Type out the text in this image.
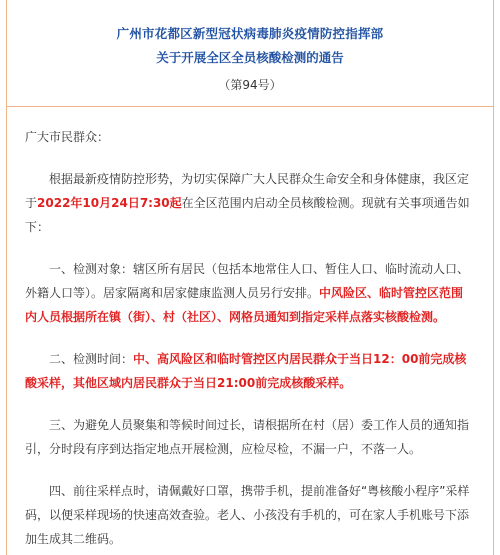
广州市花都区新型冠状病毒肺炎疫情防控指挥部
关于开展全区全员核酸检测的通告
（第94号）
广大市民群众：
根据最新疫情防控形势，为切实保障广大人民群众生命安全和身体健康，我区定于2022年10月24日7:30起在全区范围内启动全员核酸检测。现就有关事项通告如下：
一、检测对象：辖区所有居民（包括本地常住人口、暂住人口、临时流动人口、外籍人口等）。居家隔离和居家健康监测人员另行安排。中风险区、临时管控区范围内人员根据所在镇（街）、村（社区）、网格员通知到指定采样点落实核酸检测。
二、检测时间：中、高风险区和临时管控区内居民群众于当日12：00前完成核酸采样，其他区域内居民群众于当日21:00前完成核酸采样。
三、为避免人员聚集和等候时间过长，请根据所在村（居）委工作人员的通知指引，分时段有序到达指定地点开展检测，应检尽检，不漏一户，不落一人。
四、前往采样点时，请佩戴好口罩，携带手机，提前准备好“粤核酸小程序”采样码，以便采样现场的快速高效查验。老人、小孩没有手机的，可在家人手机账号下添加生成其二维码。
